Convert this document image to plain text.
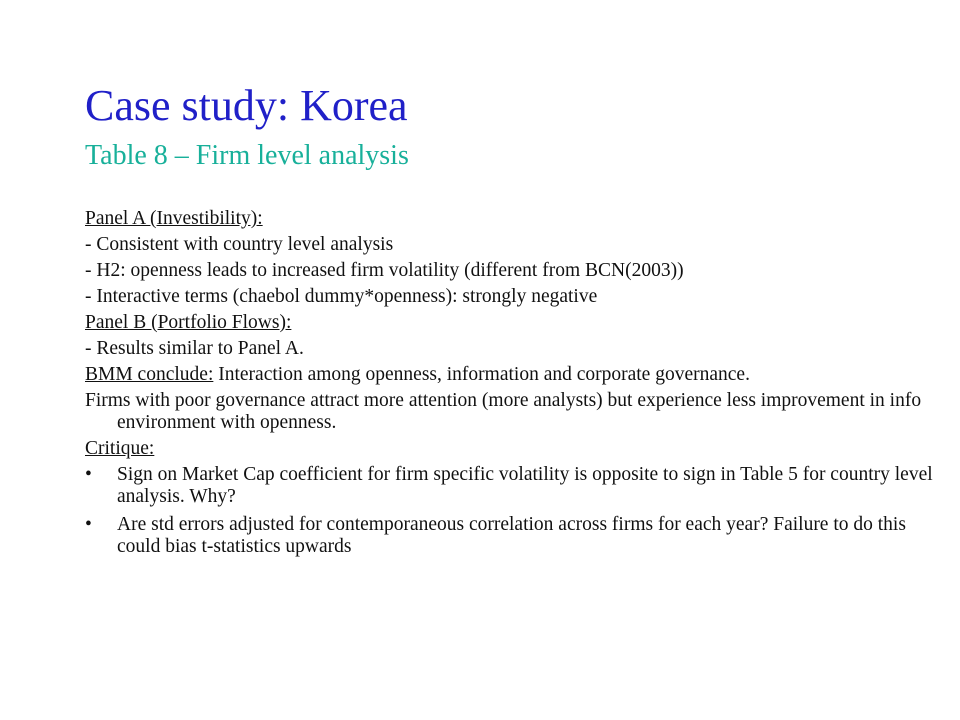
Case study: Korea
Table 8 – Firm level analysis

Panel A (Investibility):

- Consistent with country level analysis

- H2: openness leads to increased firm volatility (different from BCN(2003))

- Interactive terms (chaebol dummy*openness): strongly negative

Panel B (Portfolio Flows):

- Results similar to Panel A.

BMM conclude: Interaction among openness, information and corporate governance.

Firms with poor governance attract more attention (more analysts) but experience less improvement in info environment with openness.

Critique:

• Sign on Market Cap coefficient for firm specific volatility is opposite to sign in Table 5 for country level analysis. Why?
• Are std errors adjusted for contemporaneous correlation across firms for each year? Failure to do this could bias t-statistics upwards
